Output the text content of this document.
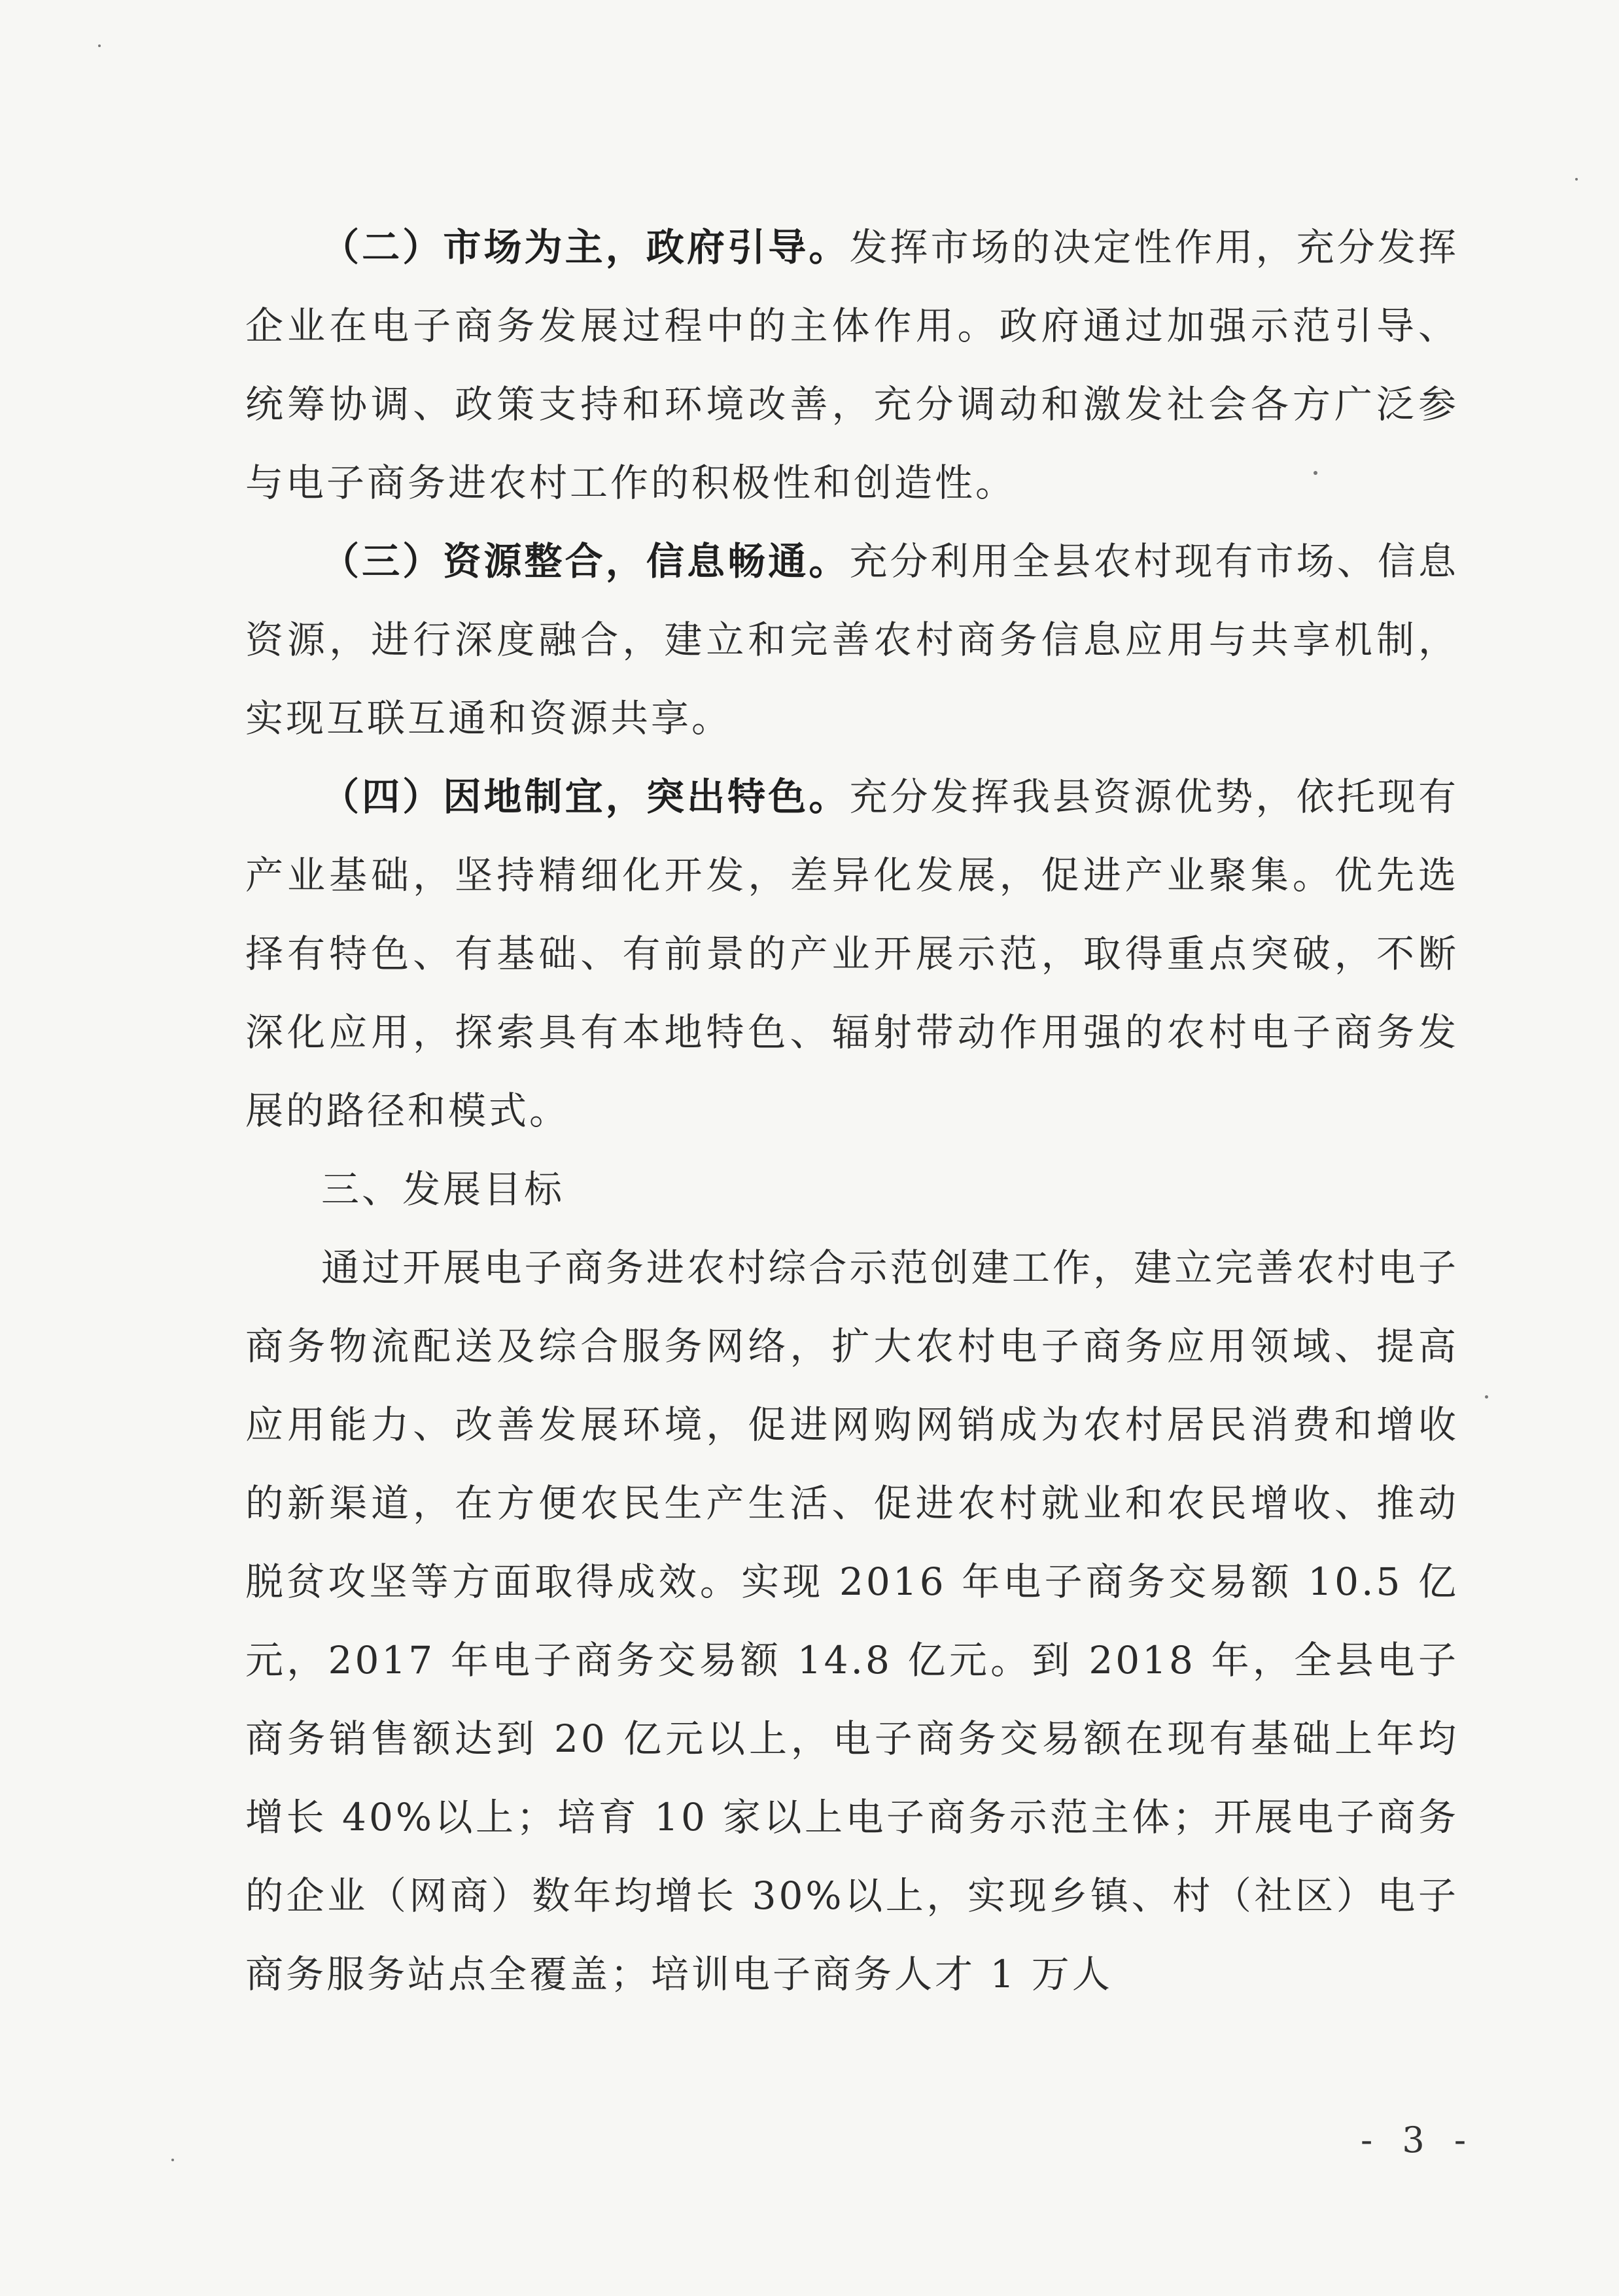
（二）市场为主，政府引导。发挥市场的决定性作用，充分发挥企业在电子商务发展过程中的主体作用。政府通过加强示范引导、统筹协调、政策支持和环境改善，充分调动和激发社会各方广泛参与电子商务进农村工作的积极性和创造性。

（三）资源整合，信息畅通。充分利用全县农村现有市场、信息资源，进行深度融合，建立和完善农村商务信息应用与共享机制，实现互联互通和资源共享。

（四）因地制宜，突出特色。充分发挥我县资源优势，依托现有产业基础，坚持精细化开发，差异化发展，促进产业聚集。优先选择有特色、有基础、有前景的产业开展示范，取得重点突破，不断深化应用，探索具有本地特色、辐射带动作用强的农村电子商务发展的路径和模式。

三、发展目标

通过开展电子商务进农村综合示范创建工作，建立完善农村电子商务物流配送及综合服务网络，扩大农村电子商务应用领域、提高应用能力、改善发展环境，促进网购网销成为农村居民消费和增收的新渠道，在方便农民生产生活、促进农村就业和农民增收、推动脱贫攻坚等方面取得成效。实现 2016 年电子商务交易额 10.5 亿元，2017 年电子商务交易额 14.8 亿元。到 2018 年，全县电子商务销售额达到 20 亿元以上，电子商务交易额在现有基础上年均增长 40%以上；培育 10 家以上电子商务示范主体；开展电子商务的企业（网商）数年均增长 30%以上，实现乡镇、村（社区）电子商务服务站点全覆盖；培训电子商务人才 1 万人

- 3 -
